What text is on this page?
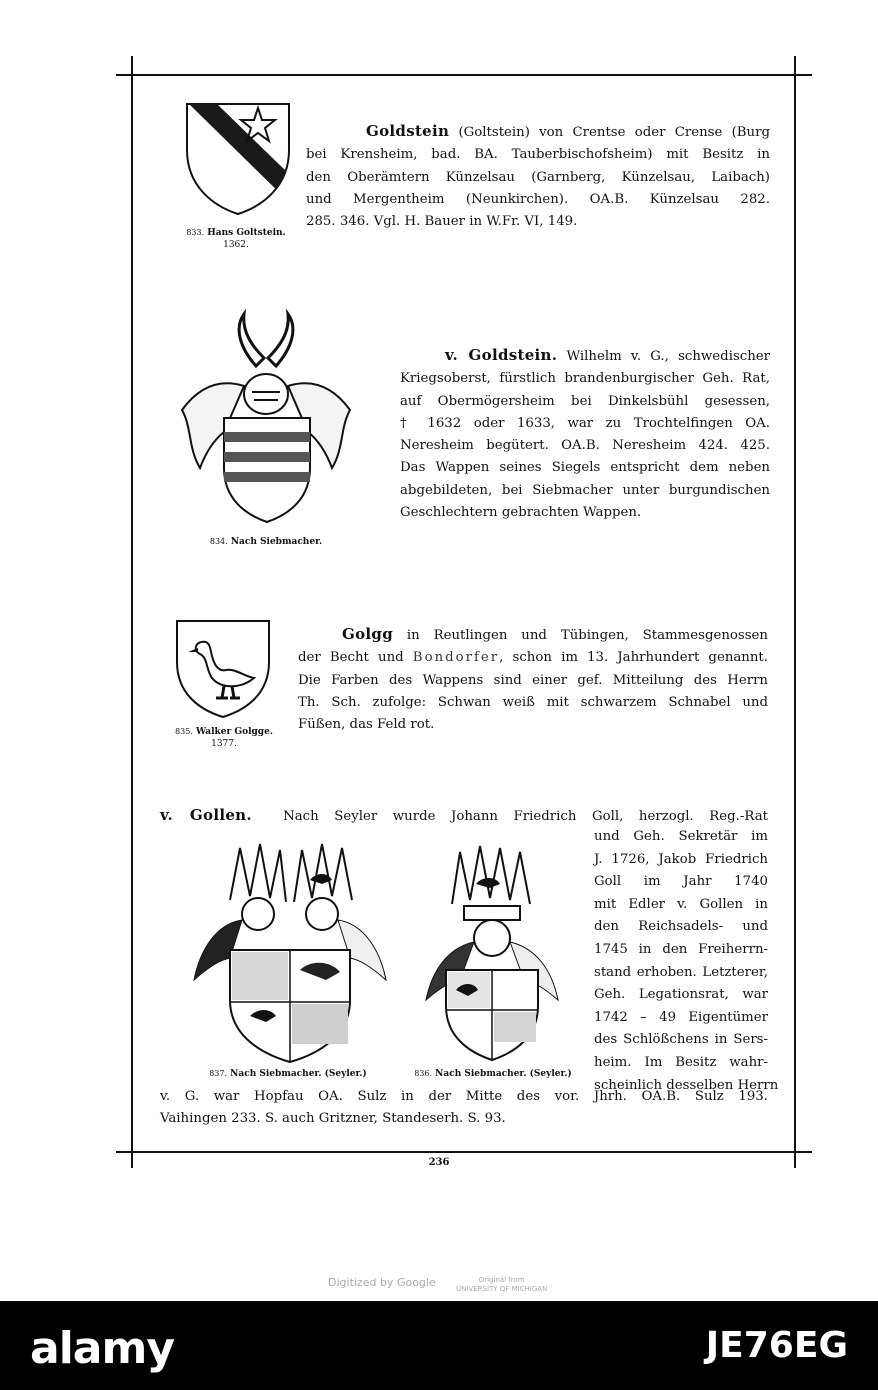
833. Hans Goltstein.
1362.
Goldstein (Goltstein) von Crentse oder Crense (Burg
bei Krensheim, bad. BA. Tauberbischofsheim) mit Besitz in
den Oberämtern Künzelsau (Garnberg, Künzelsau, Laibach)
und Mergentheim (Neunkirchen). OA.B. Künzelsau 282.
285. 346. Vgl. H. Bauer in W.Fr. VI, 149.
834. Nach Siebmacher.
v. Goldstein. Wilhelm v. G., schwedischer
Kriegsoberst, fürstlich brandenburgischer Geh. Rat,
auf Obermögersheim bei Dinkelsbühl gesessen,
† 1632 oder 1633, war zu Trochtelfingen OA.
Neresheim begütert. OA.B. Neresheim 424. 425.
Das Wappen seines Siegels entspricht dem neben
abgebildeten, bei Siebmacher unter burgundischen
Geschlechtern gebrachten Wappen.
835. Walker Golgge.
1377.
Golgg in Reutlingen und Tübingen, Stammesgenossen
der Becht und Bondorfer, schon im 13. Jahrhundert genannt.
Die Farben des Wappens sind einer gef. Mitteilung des Herrn
Th. Sch. zufolge: Schwan weiß mit schwarzem Schnabel und
Füßen, das Feld rot.
v. Gollen. Nach Seyler wurde Johann Friedrich Goll, herzogl. Reg.-Rat
837. Nach Siebmacher. (Seyler.)	836. Nach Siebmacher. (Seyler.)
und Geh. Sekretär im
J. 1726, Jakob Friedrich
Goll im Jahr 1740
mit Edler v. Gollen in
den Reichsadels- und
1745 in den Freiherrn-
stand erhoben. Letzterer,
Geh. Legationsrat, war
1742 – 49 Eigentümer
des Schlößchens in Sers-
heim. Im Besitz wahr-
scheinlich desselben Herrn
v. G. war Hopfau OA. Sulz in der Mitte des vor. Jhrh. OA.B. Sulz 193.
Vaihingen 233. S. auch Gritzner, Standeserh. S. 93.
236
Digitized by Google	Original from
UNIVERSITY OF MICHIGAN
alamy	JE76EG
